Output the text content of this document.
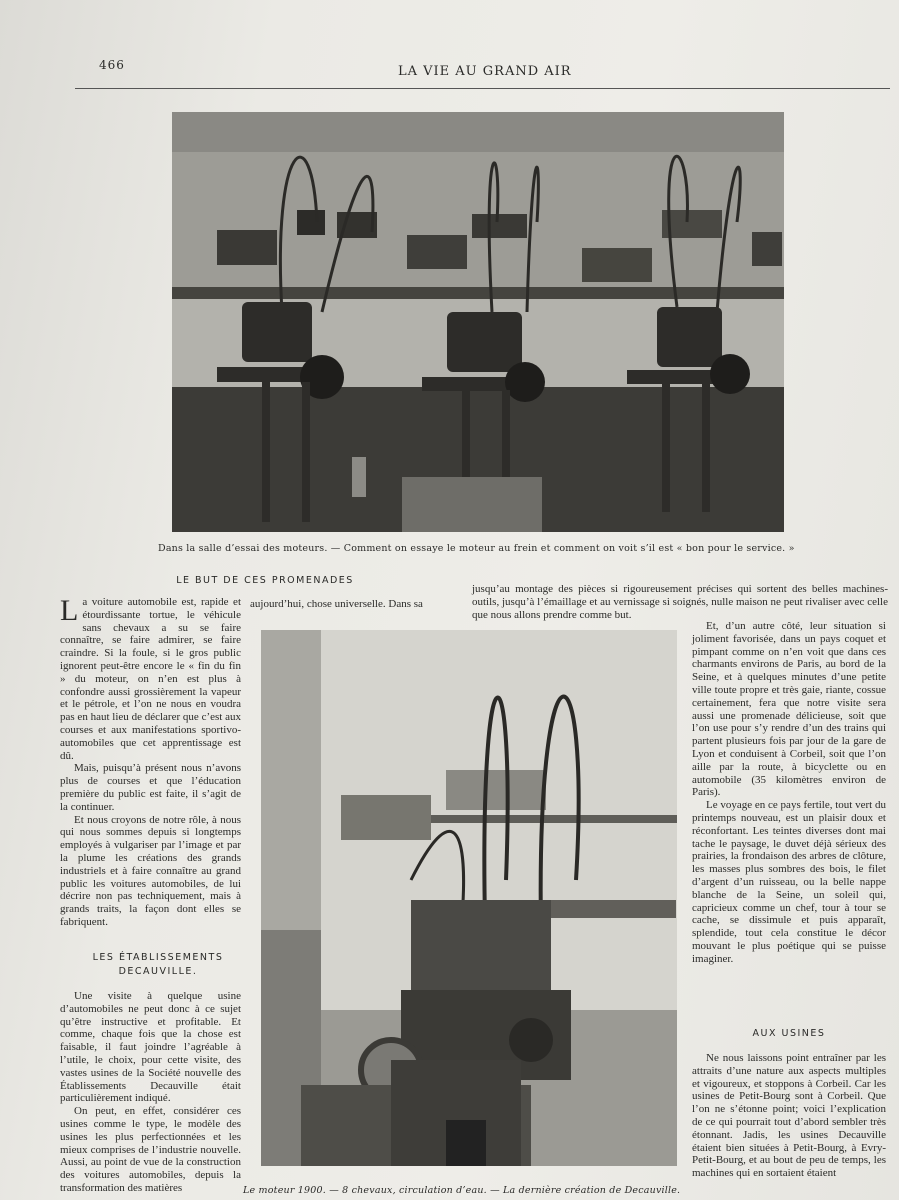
466	LA VIE AU GRAND AIR
Dans la salle d’essai des moteurs. — Comment on essaye le moteur au frein et comment on voit s’il est « bon pour le service. »
Le moteur 1900. — 8 chevaux, circulation d’eau. — La dernière création de Decauville.
LE BUT DE CES PROMENADES
LES ÉTABLISSEMENTS DECAUVILLE.
AUX USINES

La voiture automobile est, rapide et étourdissante tortue, le véhicule sans chevaux a su se faire connaître, se faire admirer, se faire craindre. Si la foule, si le gros public ignorent peut-être encore le « fin du fin » du moteur, on n’en est plus à confondre aussi grossièrement la vapeur et le pétrole, et l’on ne nous en voudra pas en haut lieu de déclarer que c’est aux courses et aux manifestations sportivo-automobiles que cet apprentissage est dû.

Mais, puisqu’à présent nous n’avons plus de courses et que l’éducation première du public est faite, il s’agit de la continuer.

Et nous croyons de notre rôle, à nous qui nous sommes depuis si longtemps employés à vulgariser par l’image et par la plume les créations des grands industriels et à faire connaître au grand public les voitures automobiles, de lui décrire non pas techniquement, mais à grands traits, la façon dont elles se fabriquent.

Une visite à quelque usine d’automobiles ne peut donc à ce sujet qu’être instructive et profitable. Et comme, chaque fois que la chose est faisable, il faut joindre l’agréable à l’utile, le choix, pour cette visite, des vastes usines de la Société nouvelle des Établissements Decauville était particulièrement indiqué.

On peut, en effet, considérer ces usines comme le type, le modèle des usines les plus perfectionnées et les mieux comprises de l’industrie nouvelle. Aussi, au point de vue de la construction des voitures automobiles, depuis la transformation des matières

aujourd’hui, chose universelle. Dans sa

jusqu’au montage des pièces si rigoureusement précises qui sortent des belles machines-outils, jusqu’à l’émaillage et au vernissage si soignés, nulle maison ne peut rivaliser avec celle que nous allons prendre comme but.

Et, d’un autre côté, leur situation si joliment favorisée, dans un pays coquet et pimpant comme on n’en voit que dans ces charmants environs de Paris, au bord de la Seine, et à quelques minutes d’une petite ville toute propre et très gaie, riante, cossue certainement, fera que notre visite sera aussi une promenade délicieuse, soit que l’on use pour s’y rendre d’un des trains qui partent plusieurs fois par jour de la gare de Lyon et conduisent à Corbeil, soit que l’on aille par la route, à bicyclette ou en automobile (35 kilomètres environ de Paris).

Le voyage en ce pays fertile, tout vert du printemps nouveau, est un plaisir doux et réconfortant. Les teintes diverses dont mai tache le paysage, le duvet déjà sérieux des prairies, la frondaison des arbres de clôture, les masses plus sombres des bois, le filet d’argent d’un ruisseau, ou la belle nappe blanche de la Seine, un soleil qui, capricieux comme un chef, tour à tour se cache, se dissimule et puis apparaît, splendide, tout cela constitue le décor mouvant le plus poétique qui se puisse imaginer.

Ne nous laissons point entraîner par les attraits d’une nature aux aspects multiples et vigoureux, et stoppons à Corbeil. Car les usines de Petit-Bourg sont à Corbeil. Que l’on ne s’étonne point; voici l’explication de ce qui pourrait tout d’abord sembler très étonnant. Jadis, les usines Decauville étaient bien situées à Petit-Bourg, à Evry-Petit-Bourg, et au bout de peu de temps, les machines qui en sortaient étaient
